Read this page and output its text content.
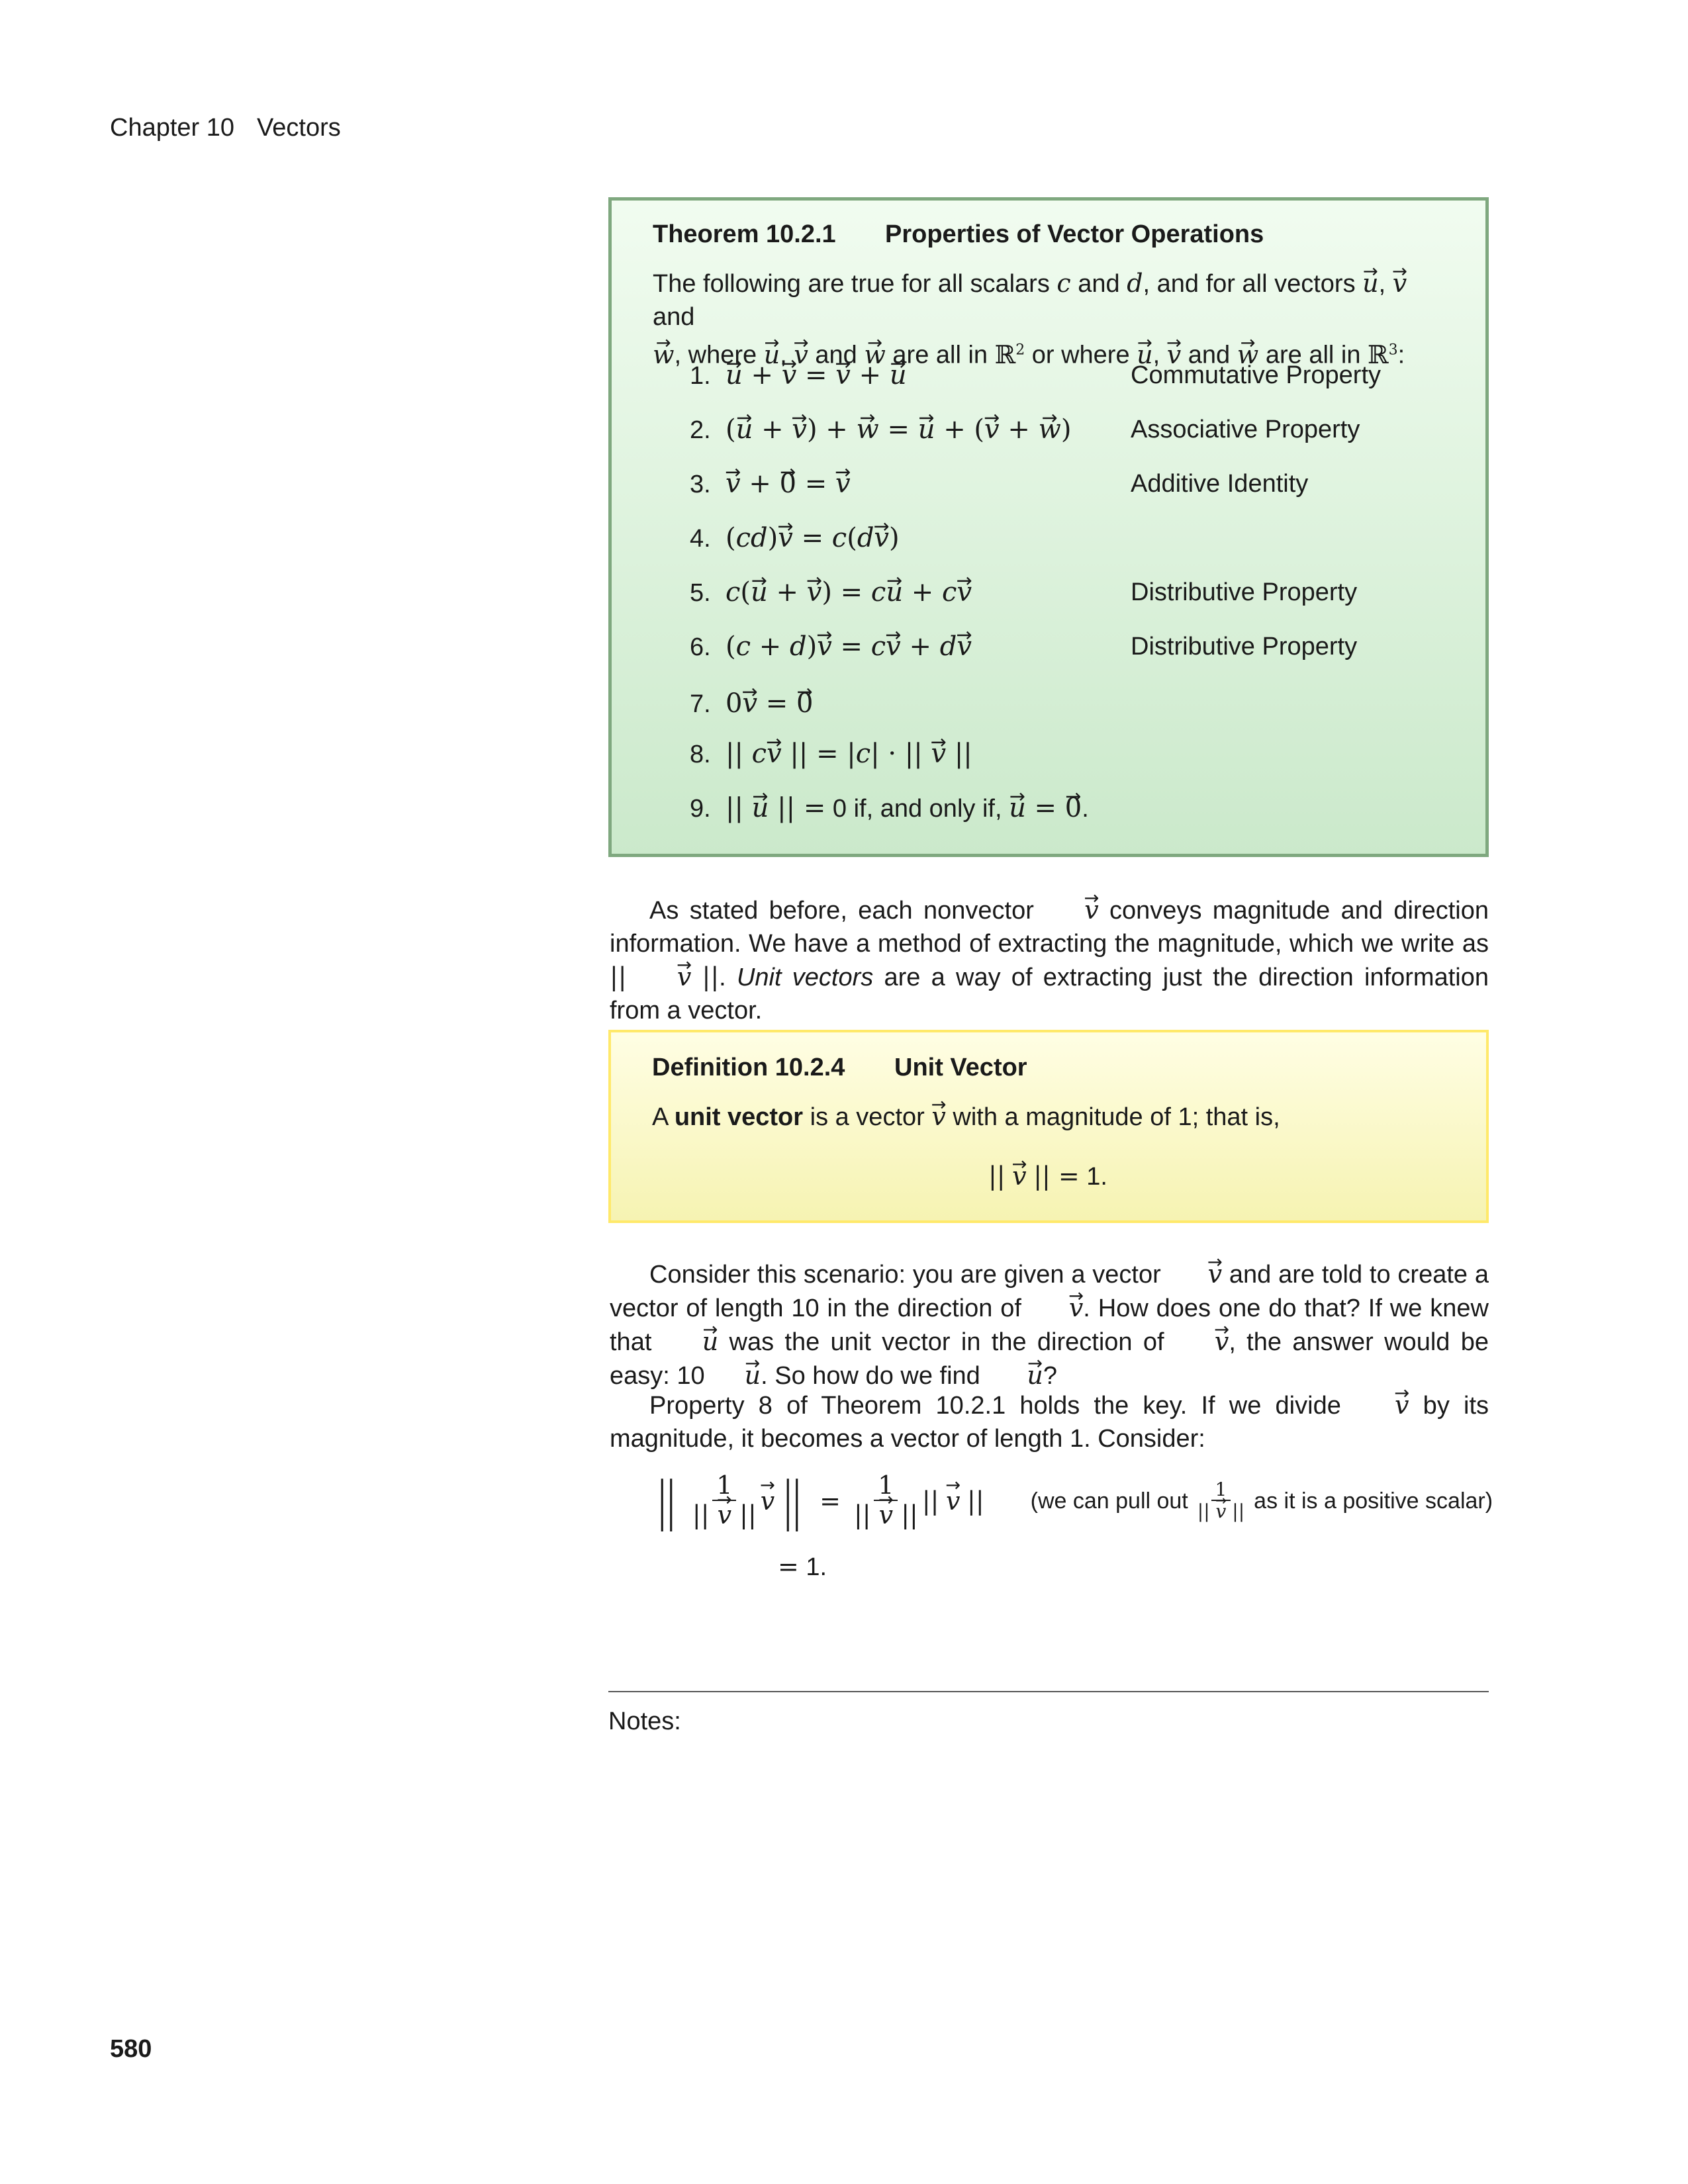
Chapter 10 Vectors
Theorem 10.2.1 Properties of Vector Operations
The following are true for all scalars c and d, and for all vectors → u, → v and
→ w, where → u, → v and → w are all in ℝ$^2$ or where → u, → v and → w are all in ℝ$^3$:
1.→ u + → v = → v + → u	Commutative Property
2. (→ u + → v) + → w = → u + (→ v + → w) Associative Property
3.→ v + → 0 = → v	Additive Identity
4. (cd)→ v = c(d→ v)
5. c(→ u + → v) = c→ u + c→ v	Distributive Property
6. (c + d)→ v = c→ v + d→ v	Distributive Property
7. 0→ v = → 0
8. || c→ v || = |c| · || → v ||
9. || → u || = 0 if, and only if, → u = → 0.
As stated before, each nonvector → v conveys magnitude and direction information. We have a method of extracting the magnitude, which we write as || → v ||. Unit vectors are a way of extracting just the direction information from a vector.
Definition 10.2.4 Unit Vector
A unit vector is a vector → v with a magnitude of 1; that is,
|| → v || = 1.
Consider this scenario: you are given a vector → v and are told to create a vector of length 10 in the direction of → v. How does one do that? If we knew that → u was the unit vector in the direction of → v, the answer would be easy: 10→ u. So how do we find → u?
Property 8 of Theorem 10.2.1 holds the key. If we divide → v by its magnitude, it becomes a vector of length 1. Consider:
|| $\frac{1}{|| \to v ||}$
→ v || = $\frac{1}{|| \to v ||}$ ||

→ v
|| (we can pull out $\frac{1}{|| \to v ||}$ as it is a positive scalar)
= 1.
Notes:
580
